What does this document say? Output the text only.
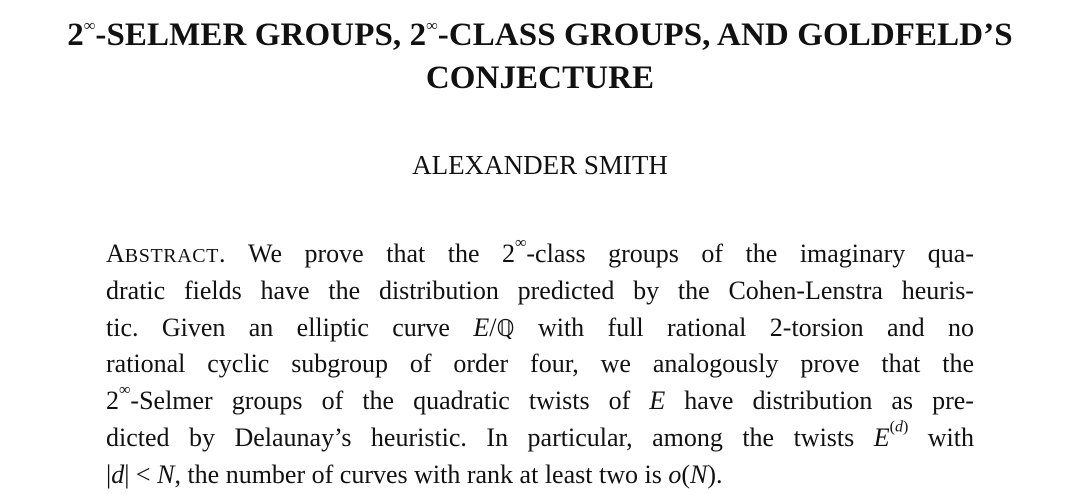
2∞-SELMER GROUPS, 2∞-CLASS GROUPS, AND GOLDFELD’S
CONJECTURE
ALEXANDER SMITH
ABSTRACT. We prove that the 2∞-class groups of the imaginary qua-
dratic fields have the distribution predicted by the Cohen-Lenstra heuris-
tic. Given an elliptic curve E/ℚ with full rational 2-torsion and no
rational cyclic subgroup of order four, we analogously prove that the
2∞-Selmer groups of the quadratic twists of E have distribution as pre-
dicted by Delaunay’s heuristic. In particular, among the twists $E^{(d)}$ with
|d| < N, the number of curves with rank at least two is o(N).
